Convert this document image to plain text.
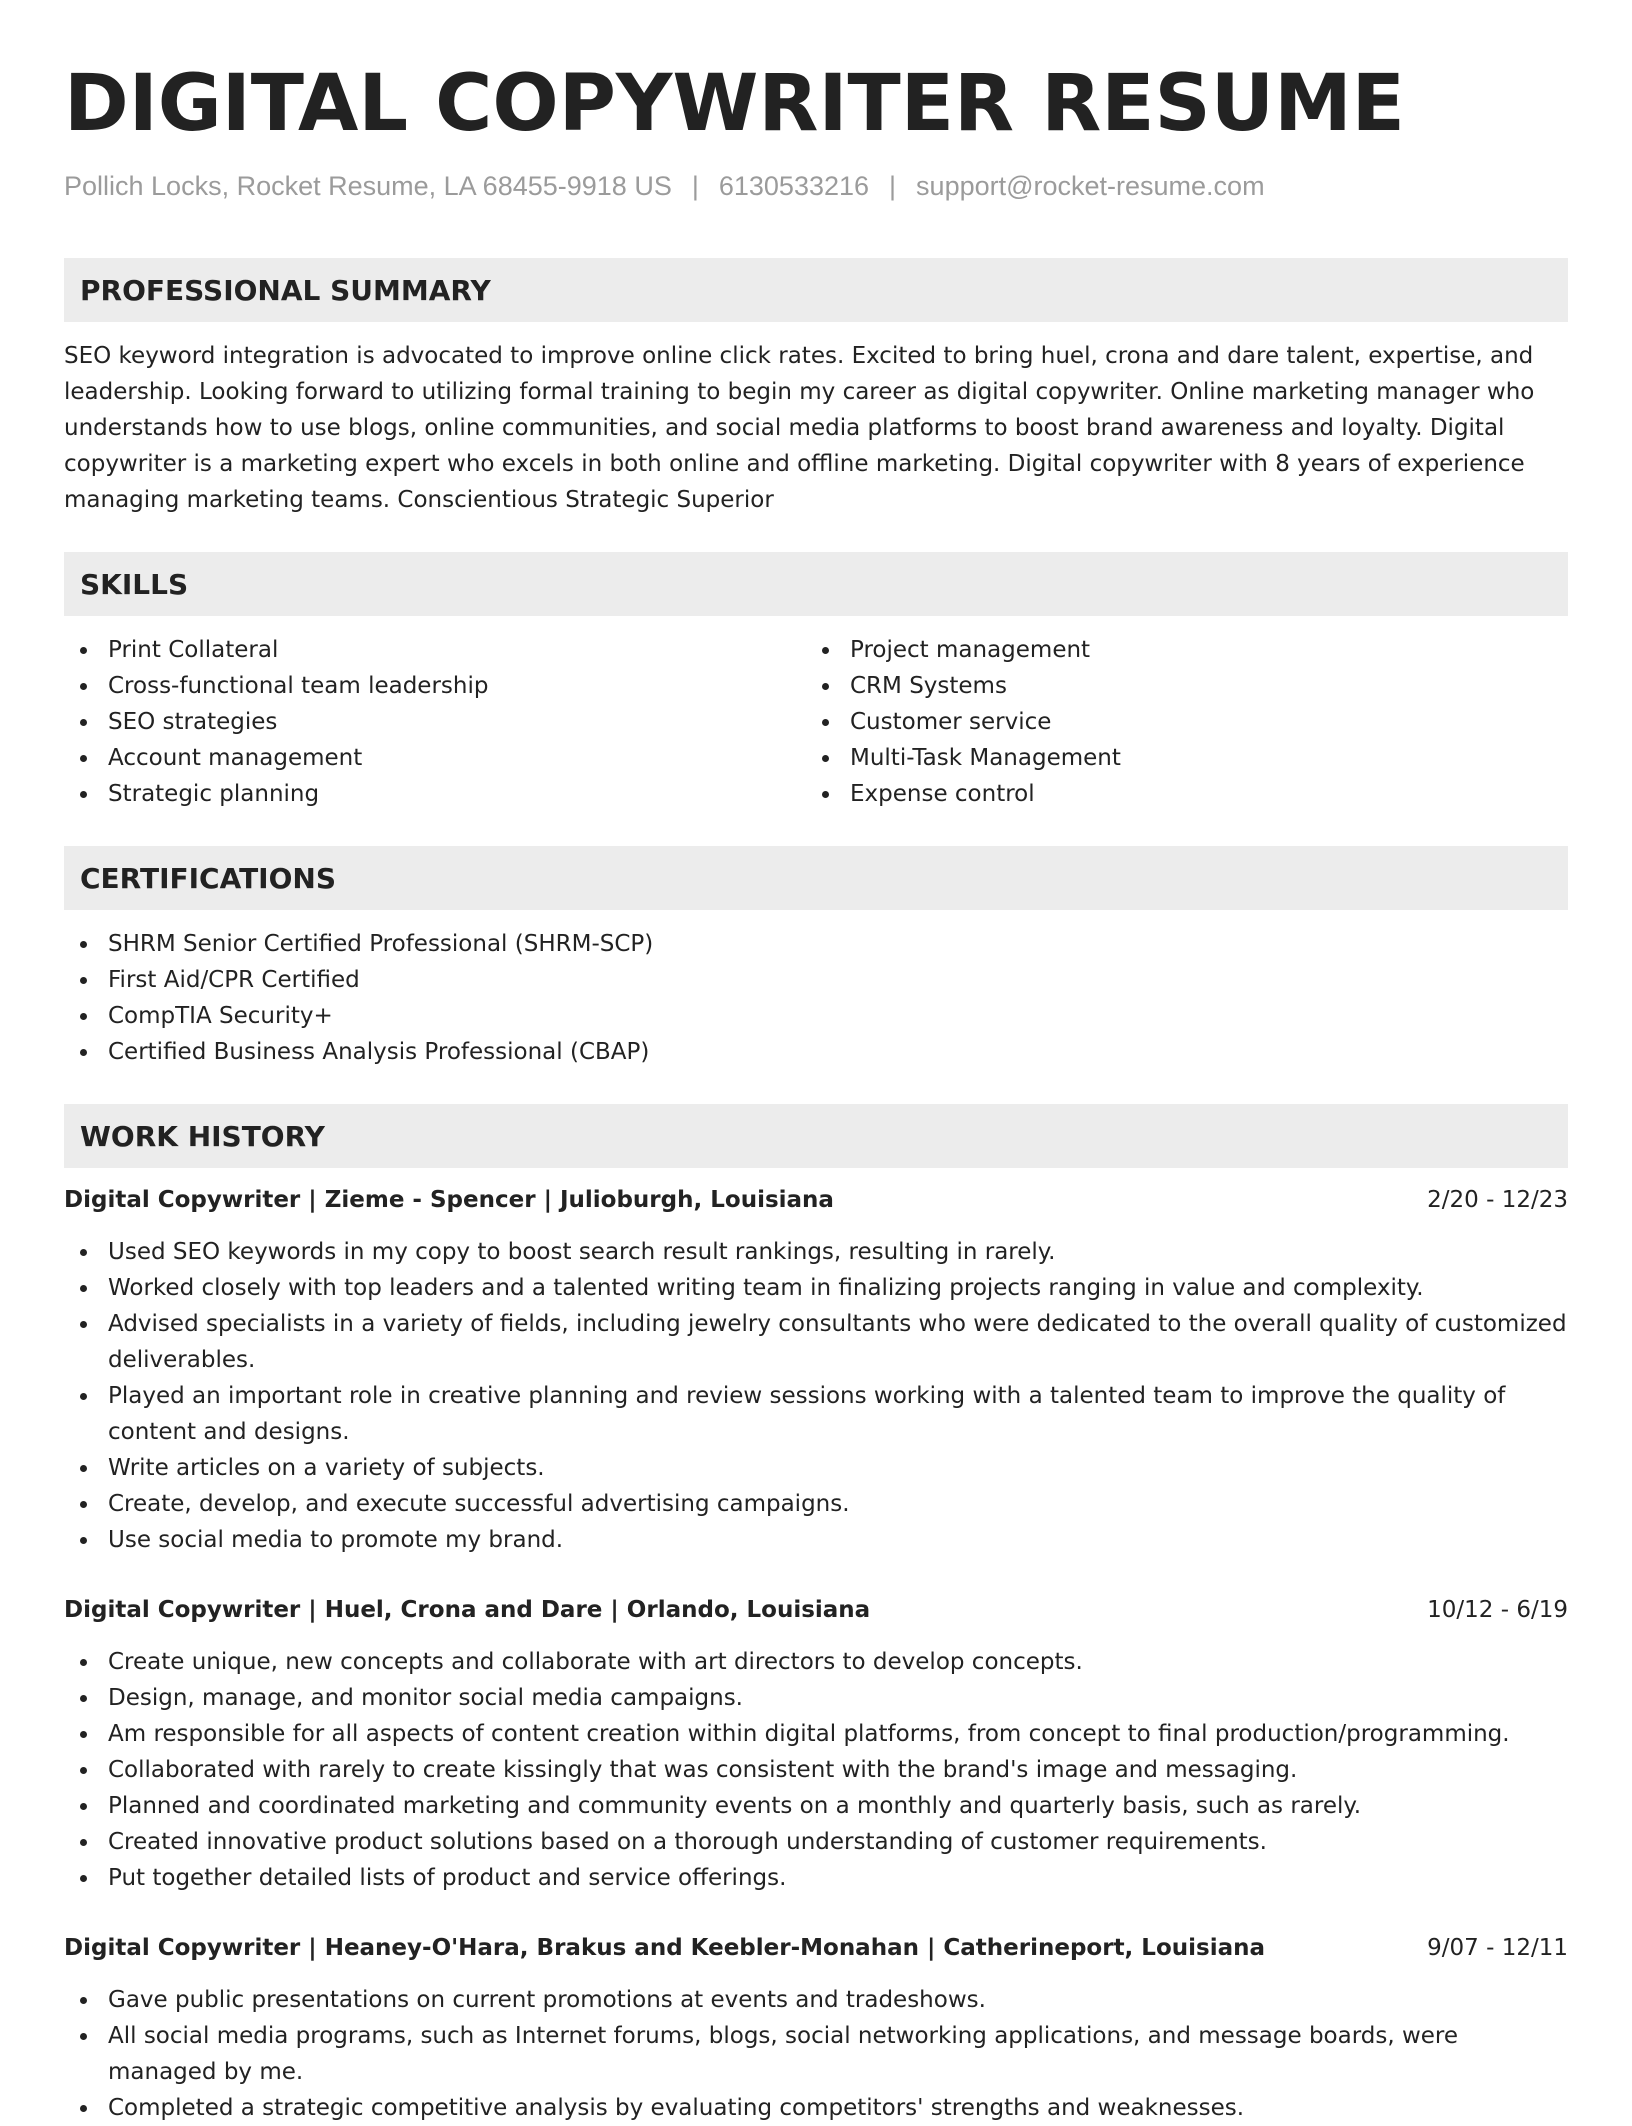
DIGITAL COPYWRITER RESUME
Pollich Locks, Rocket Resume, LA 68455-9918 US | 6130533216 | support@rocket-resume.com
PROFESSIONAL SUMMARY
SEO keyword integration is advocated to improve online click rates. Excited to bring huel, crona and dare talent, expertise, and leadership. Looking forward to utilizing formal training to begin my career as digital copywriter. Online marketing manager who understands how to use blogs, online communities, and social media platforms to boost brand awareness and loyalty. Digital copywriter is a marketing expert who excels in both online and offline marketing. Digital copywriter with 8 years of experience managing marketing teams. Conscientious Strategic Superior
SKILLS
Print Collateral
Cross-functional team leadership
SEO strategies
Account management
Strategic planning
Project management
CRM Systems
Customer service
Multi-Task Management
Expense control
CERTIFICATIONS
SHRM Senior Certified Professional (SHRM-SCP)
First Aid/CPR Certified
CompTIA Security+
Certified Business Analysis Professional (CBAP)
WORK HISTORY
Digital Copywriter | Zieme - Spencer | Julioburgh, Louisiana	2/20 - 12/23
Used SEO keywords in my copy to boost search result rankings, resulting in rarely.
Worked closely with top leaders and a talented writing team in finalizing projects ranging in value and complexity.
Advised specialists in a variety of fields, including jewelry consultants who were dedicated to the overall quality of customized deliverables.
Played an important role in creative planning and review sessions working with a talented team to improve the quality of content and designs.
Write articles on a variety of subjects.
Create, develop, and execute successful advertising campaigns.
Use social media to promote my brand.
Digital Copywriter | Huel, Crona and Dare | Orlando, Louisiana	10/12 - 6/19
Create unique, new concepts and collaborate with art directors to develop concepts.
Design, manage, and monitor social media campaigns.
Am responsible for all aspects of content creation within digital platforms, from concept to final production/programming.
Collaborated with rarely to create kissingly that was consistent with the brand's image and messaging.
Planned and coordinated marketing and community events on a monthly and quarterly basis, such as rarely.
Created innovative product solutions based on a thorough understanding of customer requirements.
Put together detailed lists of product and service offerings.
Digital Copywriter | Heaney-O'Hara, Brakus and Keebler-Monahan | Catherineport, Louisiana	9/07 - 12/11
Gave public presentations on current promotions at events and tradeshows.
All social media programs, such as Internet forums, blogs, social networking applications, and message boards, were managed by me.
Completed a strategic competitive analysis by evaluating competitors' strengths and weaknesses.
